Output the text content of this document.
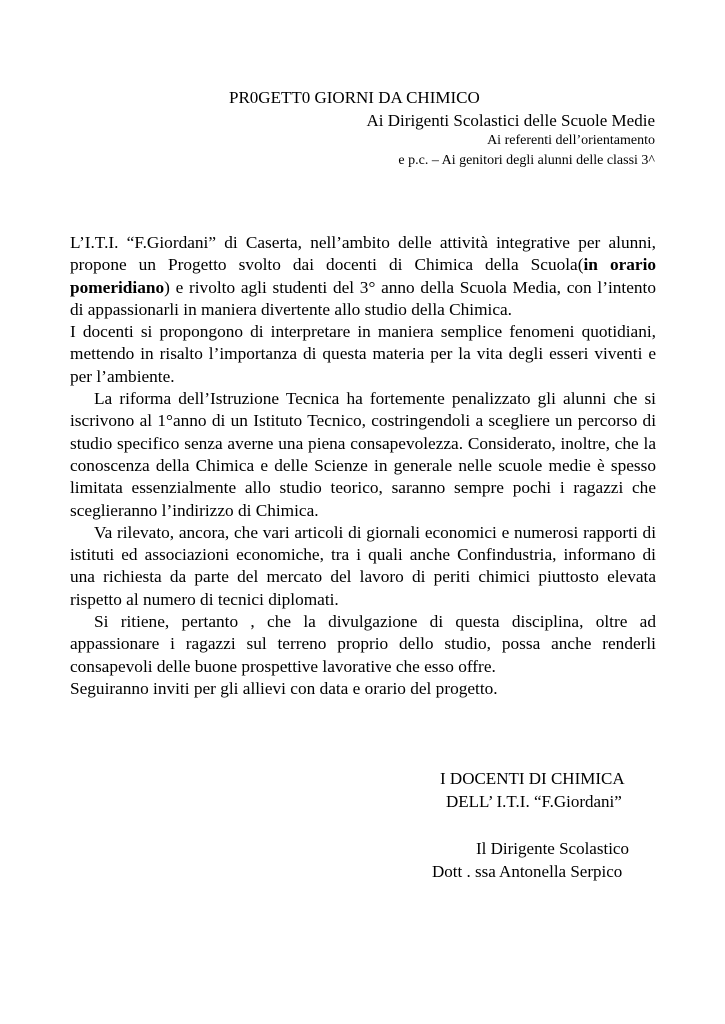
PR0GETT0 GIORNI DA CHIMICO
Ai Dirigenti Scolastici delle Scuole Medie
Ai referenti dell’orientamento
e p.c. – Ai genitori degli alunni delle classi 3^

L’I.T.I. “F.Giordani” di Caserta, nell’ambito delle attività integrative per alunni, propone un Progetto svolto dai docenti di Chimica della Scuola(in orario pomeridiano) e rivolto agli studenti del 3° anno della Scuola Media, con l’intento di appassionarli in maniera divertente allo studio della Chimica.

I docenti si propongono di interpretare in maniera semplice fenomeni quotidiani, mettendo in risalto l’importanza di questa materia per la vita degli esseri viventi e per l’ambiente.

La riforma dell’Istruzione Tecnica ha fortemente penalizzato gli alunni che si iscrivono al 1°anno di un Istituto Tecnico, costringendoli a scegliere un percorso di studio specifico senza averne una piena consapevolezza. Considerato, inoltre, che la conoscenza della Chimica e delle Scienze in generale nelle scuole medie è spesso limitata essenzialmente allo studio teorico, saranno sempre pochi i ragazzi che sceglieranno l’indirizzo di Chimica.

Va rilevato, ancora, che vari articoli di giornali economici e numerosi rapporti di istituti ed associazioni economiche, tra i quali anche Confindustria, informano di una richiesta da parte del mercato del lavoro di periti chimici piuttosto elevata rispetto al numero di tecnici diplomati.

Si ritiene, pertanto , che la divulgazione di questa disciplina, oltre ad appassionare i ragazzi sul terreno proprio dello studio, possa anche renderli consapevoli delle buone prospettive lavorative che esso offre.

Seguiranno inviti per gli allievi con data e orario del progetto.

I DOCENTI DI CHIMICA
DELL’ I.T.I. “F.Giordani”
Il Dirigente Scolastico
Dott . ssa Antonella Serpico
